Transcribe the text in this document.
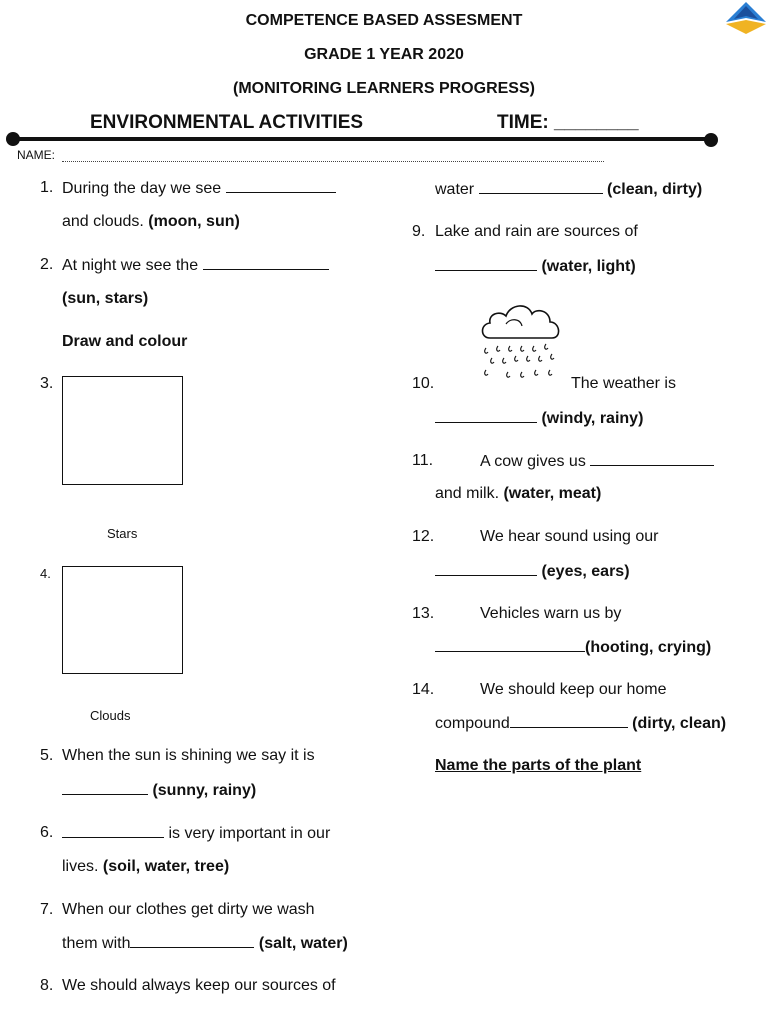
COMPETENCE BASED ASSESMENT
GRADE 1 YEAR 2020
(MONITORING LEARNERS PROGRESS)
ENVIRONMENTAL ACTIVITIES	TIME: ________
NAME:
1. During the day we see
and clouds. (moon, sun)
2. At night we see the
(sun, stars)
Draw and colour
3.
Stars
4.
Clouds
5. When the sun is shining we say it is
(sunny, rainy)
6.	is very important in our
lives. (soil, water, tree)
7. When our clothes get dirty we wash
them with	(salt, water)
8. We should always keep our sources of
water	(clean, dirty)
9. Lake and rain are sources of
(water, light)
10.	The weather is
(windy, rainy)
11.	A cow gives us
and milk. (water, meat)
12.	We hear sound using our
(eyes, ears)
13.	Vehicles warn us by
(hooting, crying)
14.	We should keep our home
compound	(dirty, clean)
Name the parts of the plant
